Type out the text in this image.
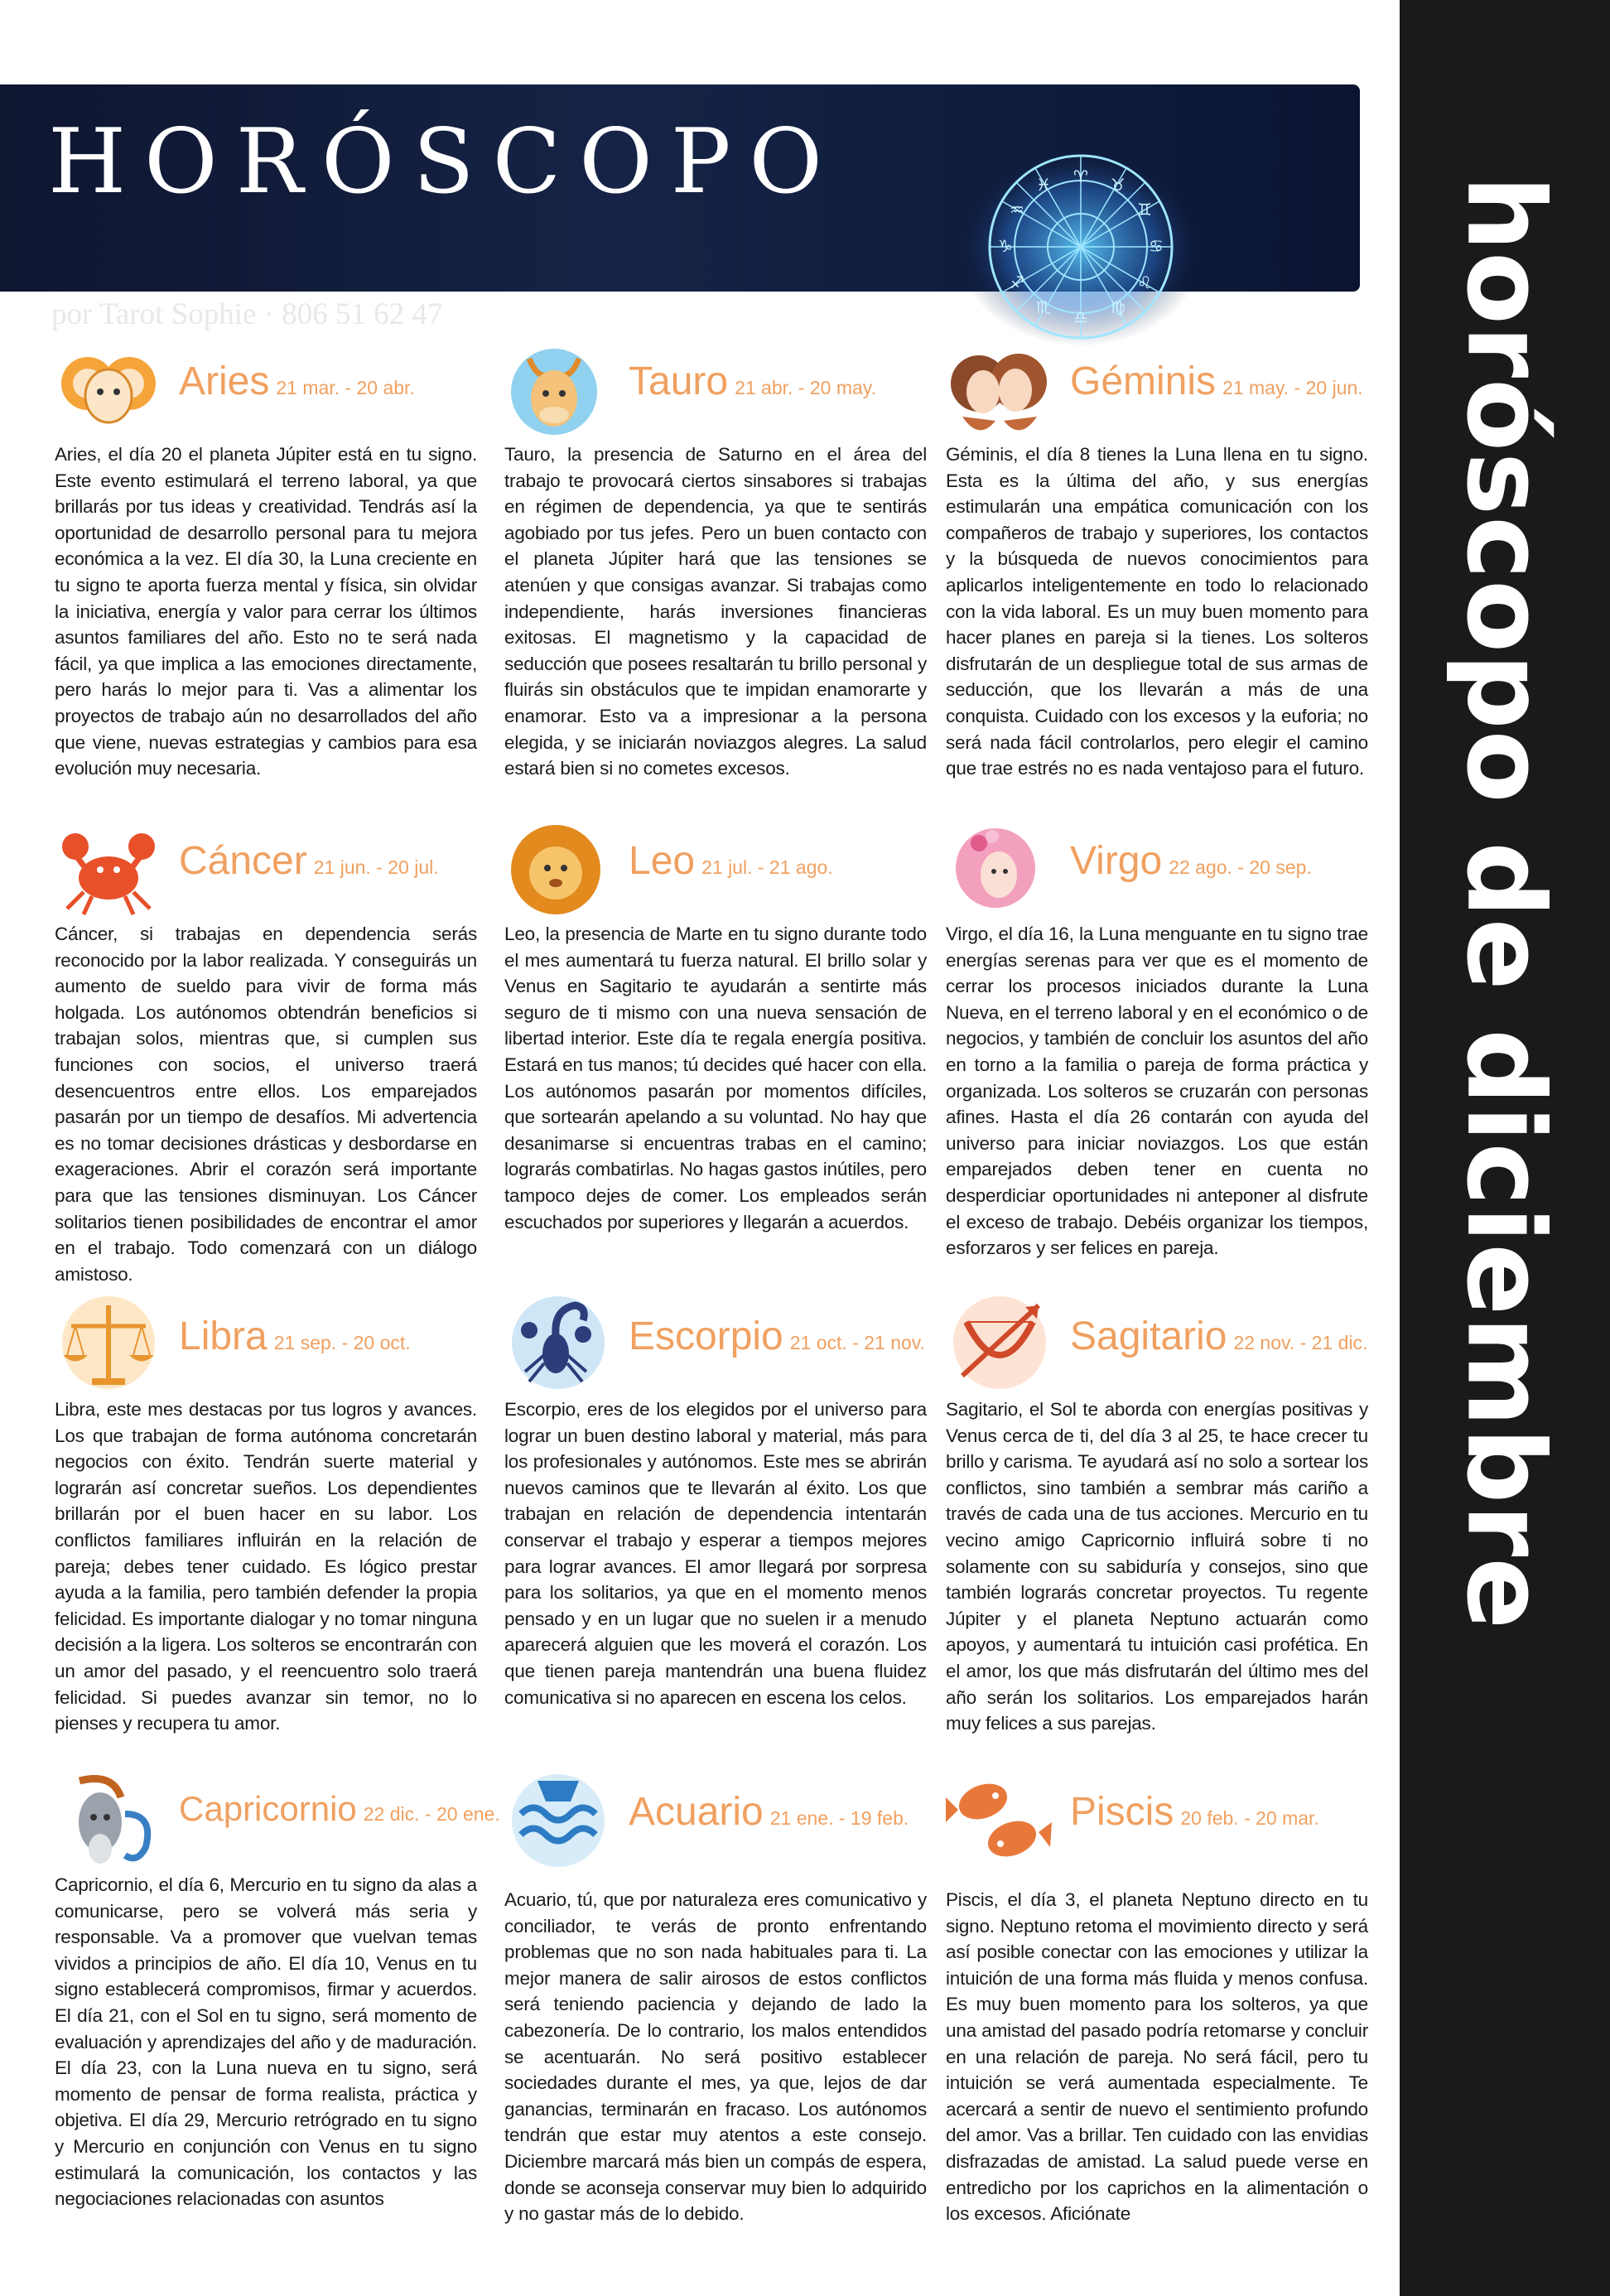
horóscopo de diciembre
HORÓSCOPO
por Tarot Sophie · 806 51 62 47
♈ ♉
♊
♋
♌
♍
♎
♏
♐
♑
♒
♓
Aries 21 mar. - 20 abr.
Aries, el día 20 el planeta Júpiter está en tu signo. Este evento estimulará el terreno laboral, ya que brillarás por tus ideas y creatividad. Tendrás así la oportunidad de desarrollo personal para tu mejora económica a la vez. El día 30, la Luna creciente en tu signo te aporta fuerza mental y física, sin olvidar la iniciativa, energía y valor para cerrar los últimos asuntos familiares del año. Esto no te será nada fácil, ya que implica a las emociones directamente, pero harás lo mejor para ti. Vas a alimentar los proyectos de trabajo aún no desarrollados del año que viene, nuevas estrategias y cambios para esa evolución muy necesaria.
Tauro 21 abr. - 20 may.
Tauro, la presencia de Saturno en el área del trabajo te provocará ciertos sinsabores si trabajas en régimen de dependencia, ya que te sentirás agobiado por tus jefes. Pero un buen contacto con el planeta Júpiter hará que las tensiones se atenúen y que consigas avanzar. Si trabajas como independiente, harás inversiones financieras exitosas. El magnetismo y la capacidad de seducción que posees resaltarán tu brillo personal y fluirás sin obstáculos que te impidan enamorarte y enamorar. Esto va a impresionar a la persona elegida, y se iniciarán noviazgos alegres. La salud estará bien si no cometes excesos.
Géminis 21 may. - 20 jun.
Géminis, el día 8 tienes la Luna llena en tu signo. Esta es la última del año, y sus energías estimularán una empática comunicación con los compañeros de trabajo y superiores, los contactos y la búsqueda de nuevos conocimientos para aplicarlos inteligentemente en todo lo relacionado con la vida laboral. Es un muy buen momento para hacer planes en pareja si la tienes. Los solteros disfrutarán de un despliegue total de sus armas de seducción, que los llevarán a más de una conquista. Cuidado con los excesos y la euforia; no será nada fácil controlarlos, pero elegir el camino que trae estrés no es nada ventajoso para el futuro.
Cáncer 21 jun. - 20 jul.
Cáncer, si trabajas en dependencia serás reconocido por la labor realizada. Y conseguirás un aumento de sueldo para vivir de forma más holgada. Los autónomos obtendrán beneficios si trabajan solos, mientras que, si cumplen sus funciones con socios, el universo traerá desencuentros entre ellos. Los emparejados pasarán por un tiempo de desafíos. Mi advertencia es no tomar decisiones drásticas y desbordarse en exageraciones. Abrir el corazón será importante para que las tensiones disminuyan. Los Cáncer solitarios tienen posibilidades de encontrar el amor en el trabajo. Todo comenzará con un diálogo amistoso.
Leo 21 jul. - 21 ago.
Leo, la presencia de Marte en tu signo durante todo el mes aumentará tu fuerza natural. El brillo solar y Venus en Sagitario te ayudarán a sentirte más seguro de ti mismo con una nueva sensación de libertad interior. Este día te regala energía positiva. Estará en tus manos; tú decides qué hacer con ella. Los autónomos pasarán por momentos difíciles, que sortearán apelando a su voluntad. No hay que desanimarse si encuentras trabas en el camino; lograrás combatirlas. No hagas gastos inútiles, pero tampoco dejes de comer. Los empleados serán escuchados por superiores y llegarán a acuerdos.
Virgo 22 ago. - 20 sep.
Virgo, el día 16, la Luna menguante en tu signo trae energías serenas para ver que es el momento de cerrar los procesos iniciados durante la Luna Nueva, en el terreno laboral y en el económico o de negocios, y también de concluir los asuntos del año en torno a la familia o pareja de forma práctica y organizada. Los solteros se cruzarán con personas afines. Hasta el día 26 contarán con ayuda del universo para iniciar noviazgos. Los que están emparejados deben tener en cuenta no desperdiciar oportunidades ni anteponer al disfrute el exceso de trabajo. Debéis organizar los tiempos, esforzaros y ser felices en pareja.
Libra 21 sep. - 20 oct.
Libra, este mes destacas por tus logros y avances. Los que trabajan de forma autónoma concretarán negocios con éxito. Tendrán suerte material y lograrán así concretar sueños. Los dependientes brillarán por el buen hacer en su labor. Los conflictos familiares influirán en la relación de pareja; debes tener cuidado. Es lógico prestar ayuda a la familia, pero también defender la propia felicidad. Es importante dialogar y no tomar ninguna decisión a la ligera. Los solteros se encontrarán con un amor del pasado, y el reencuentro solo traerá felicidad. Si puedes avanzar sin temor, no lo pienses y recupera tu amor.
Escorpio 21 oct. - 21 nov.
Escorpio, eres de los elegidos por el universo para lograr un buen destino laboral y material, más para los profesionales y autónomos. Este mes se abrirán nuevos caminos que te llevarán al éxito. Los que trabajan en relación de dependencia intentarán conservar el trabajo y esperar a tiempos mejores para lograr avances. El amor llegará por sorpresa para los solitarios, ya que en el momento menos pensado y en un lugar que no suelen ir a menudo aparecerá alguien que les moverá el corazón. Los que tienen pareja mantendrán una buena fluidez comunicativa si no aparecen en escena los celos.
Sagitario 22 nov. - 21 dic.
Sagitario, el Sol te aborda con energías positivas y Venus cerca de ti, del día 3 al 25, te hace crecer tu brillo y carisma. Te ayudará así no solo a sortear los conflictos, sino también a sembrar más cariño a través de cada una de tus acciones. Mercurio en tu vecino amigo Capricornio influirá sobre ti no solamente con su sabiduría y consejos, sino que también lograrás concretar proyectos. Tu regente Júpiter y el planeta Neptuno actuarán como apoyos, y aumentará tu intuición casi profética. En el amor, los que más disfrutarán del último mes del año serán los solitarios. Los emparejados harán muy felices a sus parejas.
Capricornio 22 dic. - 20 ene.
Capricornio, el día 6, Mercurio en tu signo da alas a comunicarse, pero se volverá más seria y responsable. Va a promover que vuelvan temas vividos a principios de año. El día 10, Venus en tu signo establecerá compromisos, firmar y acuerdos. El día 21, con el Sol en tu signo, será momento de evaluación y aprendizajes del año y de maduración. El día 23, con la Luna nueva en tu signo, será momento de pensar de forma realista, práctica y objetiva. El día 29, Mercurio retrógrado en tu signo y Mercurio en conjunción con Venus en tu signo estimulará la comunicación, los contactos y las negociaciones relacionadas con asuntos
Acuario 21 ene. - 19 feb.
Acuario, tú, que por naturaleza eres comunicativo y conciliador, te verás de pronto enfrentando problemas que no son nada habituales para ti. La mejor manera de salir airosos de estos conflictos será teniendo paciencia y dejando de lado la cabezonería. De lo contrario, los malos entendidos se acentuarán. No será positivo establecer sociedades durante el mes, ya que, lejos de dar ganancias, terminarán en fracaso. Los autónomos tendrán que estar muy atentos a este consejo. Diciembre marcará más bien un compás de espera, donde se aconseja conservar muy bien lo adquirido y no gastar más de lo debido.
Piscis 20 feb. - 20 mar.
Piscis, el día 3, el planeta Neptuno directo en tu signo. Neptuno retoma el movimiento directo y será así posible conectar con las emociones y utilizar la intuición de una forma más fluida y menos confusa. Es muy buen momento para los solteros, ya que una amistad del pasado podría retomarse y concluir en una relación de pareja. No será fácil, pero tu intuición se verá aumentada especialmente. Te acercará a sentir de nuevo el sentimiento profundo del amor. Vas a brillar. Ten cuidado con las envidias disfrazadas de amistad. La salud puede verse en entredicho por los caprichos en la alimentación o los excesos. Aficiónate
